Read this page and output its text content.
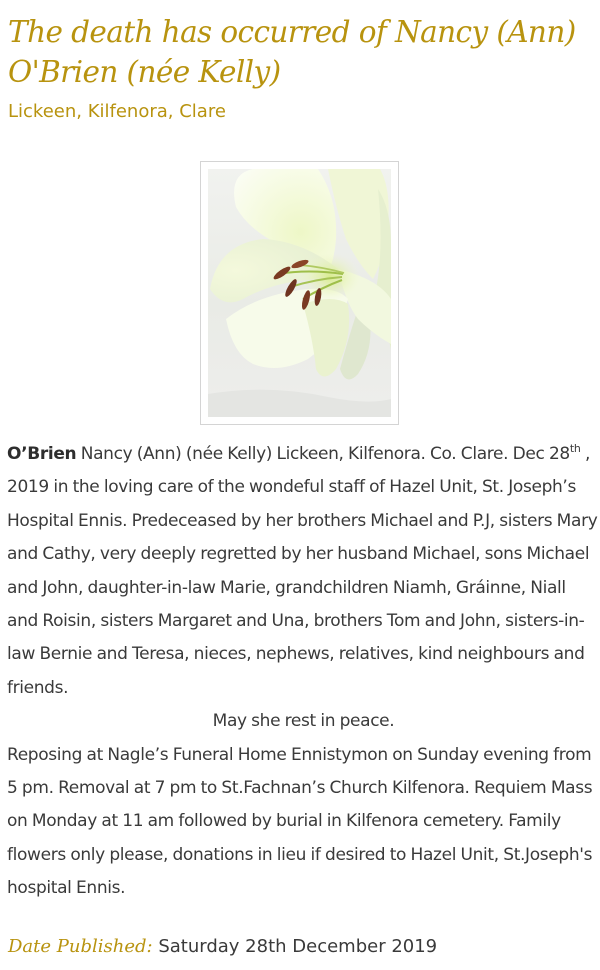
The death has occurred of Nancy (Ann) O'Brien (née Kelly)
Lickeen, Kilfenora, Clare

O’Brien Nancy (Ann) (née Kelly) Lickeen, Kilfenora. Co. Clare. Dec 28th , 2019 in the loving care of the wondeful staff of Hazel Unit, St. Joseph’s Hospital Ennis. Predeceased by her brothers Michael and P.J, sisters Mary and Cathy, very deeply regretted by her husband Michael, sons Michael and John, daughter-in-law Marie, grandchildren Niamh, Gráinne, Niall and Roisin, sisters Margaret and Una, brothers Tom and John, sisters-in-law Bernie and Teresa, nieces, nephews, relatives, kind neighbours and friends.

May she rest in peace.

Reposing at Nagle’s Funeral Home Ennistymon on Sunday evening from 5 pm. Removal at 7 pm to St.Fachnan’s Church Kilfenora. Requiem Mass on Monday at 11 am followed by burial in Kilfenora cemetery. Family flowers only please, donations in lieu if desired to Hazel Unit, St.Joseph's hospital Ennis.

Date Published: Saturday 28th December 2019
